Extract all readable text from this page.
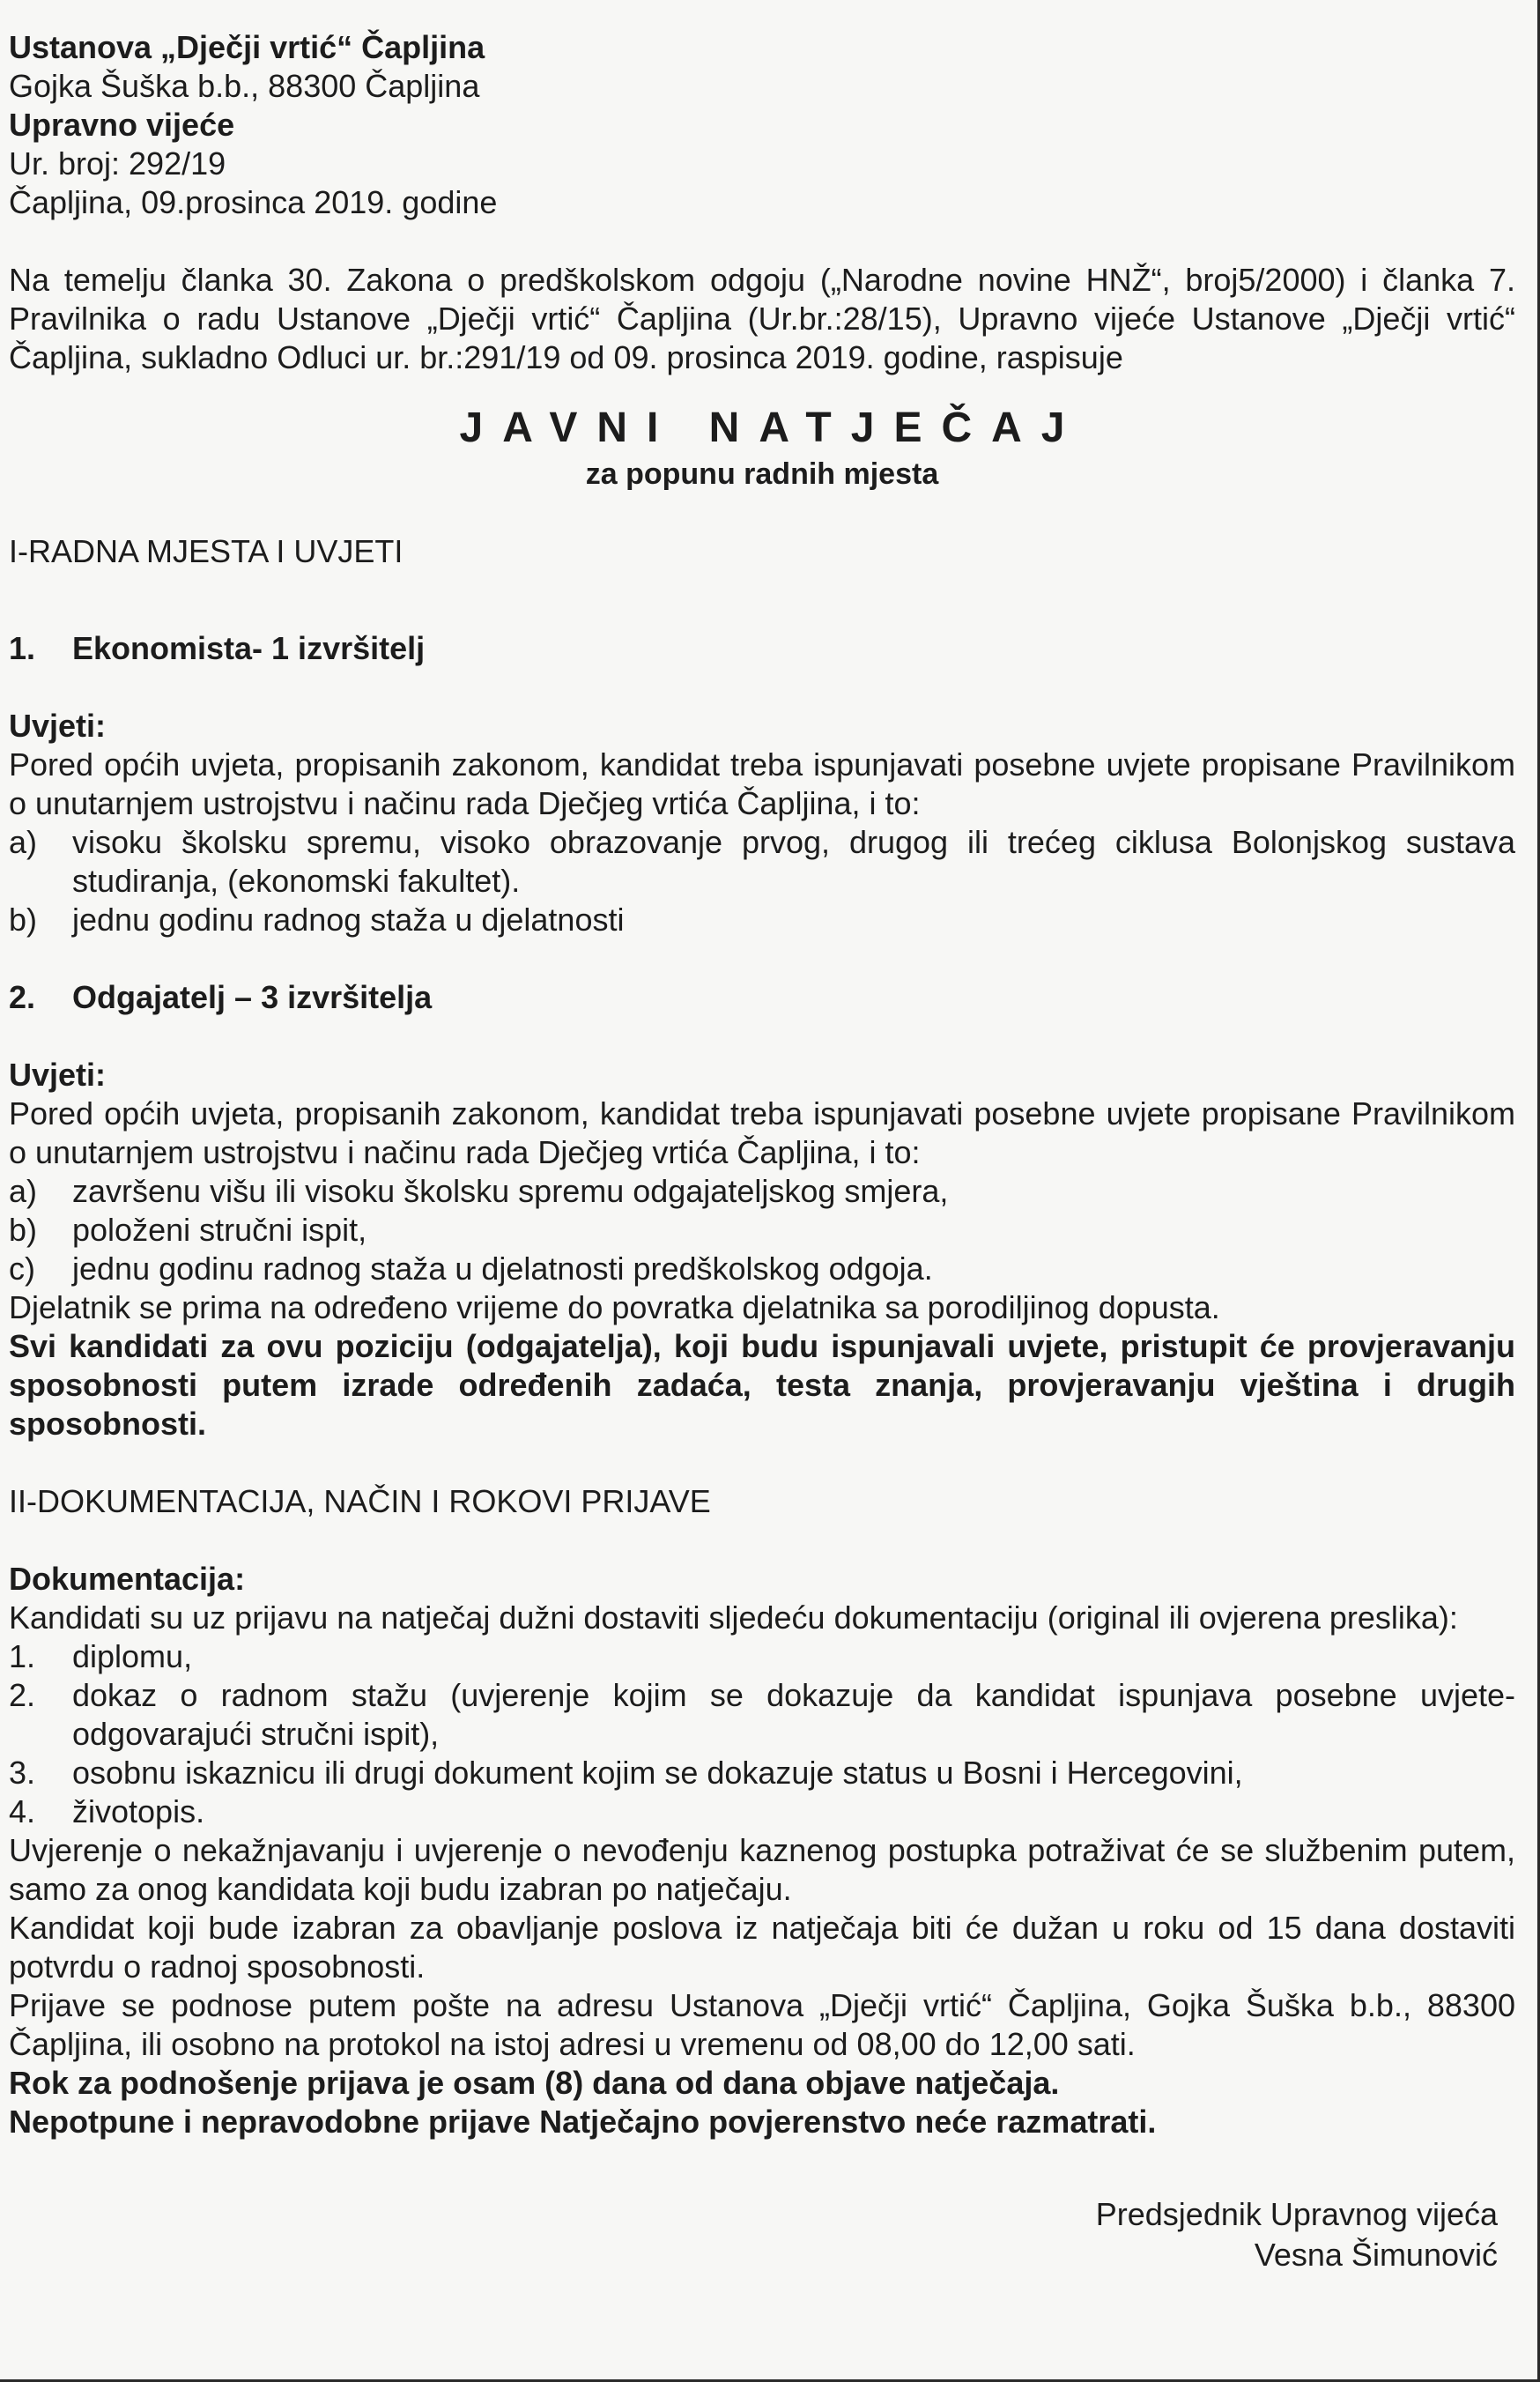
Ustanova „Dječji vrtić“ Čapljina
Gojka Šuška b.b., 88300 Čapljina
Upravno vijeće
Ur. broj: 292/19
Čapljina, 09.prosinca 2019. godine

Na temelju članka 30. Zakona o predškolskom odgoju („Narodne novine HNŽ“, broj5/2000) i članka 7. Pravilnika o radu Ustanove „Dječji vrtić“ Čapljina (Ur.br.:28/15), Upravno vijeće Ustanove „Dječji vrtić“ Čapljina, sukladno Odluci ur. br.:291/19 od 09. prosinca 2019. godine, raspisuje

JAVNI NATJEČAJ
za popunu radnih mjesta
I-RADNA MJESTA I UVJETI
1.	Ekonomista- 1 izvršitelj
Uvjeti:

Pored općih uvjeta, propisanih zakonom, kandidat treba ispunjavati posebne uvjete propisane Pravilnikom o unutarnjem ustrojstvu i načinu rada Dječjeg vrtića Čapljina, i to:

a)	visoku školsku spremu, visoko obrazovanje prvog, drugog ili trećeg ciklusa Bolonjskog sustava studiranja, (ekonomski fakultet).
b)	jednu godinu radnog staža u djelatnosti
2.	Odgajatelj – 3 izvršitelja
Uvjeti:

Pored općih uvjeta, propisanih zakonom, kandidat treba ispunjavati posebne uvjete propisane Pravilnikom o unutarnjem ustrojstvu i načinu rada Dječjeg vrtića Čapljina, i to:

a)	završenu višu ili visoku školsku spremu odgajateljskog smjera,
b)	položeni stručni ispit,
c)	jednu godinu radnog staža u djelatnosti predškolskog odgoja.

Djelatnik se prima na određeno vrijeme do povratka djelatnika sa porodiljinog dopusta.

Svi kandidati za ovu poziciju (odgajatelja), koji budu ispunjavali uvjete, pristupit će provjeravanju sposobnosti putem izrade određenih zadaća, testa znanja, provjeravanju vještina i drugih sposobnosti.

II-DOKUMENTACIJA, NAČIN I ROKOVI PRIJAVE
Dokumentacija:

Kandidati su uz prijavu na natječaj dužni dostaviti sljedeću dokumentaciju (original ili ovjerena preslika):

1.	diplomu,
2.	dokaz o radnom stažu (uvjerenje kojim se dokazuje da kandidat ispunjava posebne uvjete-odgovarajući stručni ispit),
3.	osobnu iskaznicu ili drugi dokument kojim se dokazuje status u Bosni i Hercegovini,
4.	životopis.

Uvjerenje o nekažnjavanju i uvjerenje o nevođenju kaznenog postupka potraživat će se službenim putem, samo za onog kandidata koji budu izabran po natječaju.

Kandidat koji bude izabran za obavljanje poslova iz natječaja biti će dužan u roku od 15 dana dostaviti potvrdu o radnoj sposobnosti.

Prijave se podnose putem pošte na adresu Ustanova „Dječji vrtić“ Čapljina, Gojka Šuška b.b., 88300 Čapljina, ili osobno na protokol na istoj adresi u vremenu od 08,00 do 12,00 sati.

Rok za podnošenje prijava je osam (8) dana od dana objave natječaja.

Nepotpune i nepravodobne prijave Natječajno povjerenstvo neće razmatrati.

Predsjednik Upravnog vijeća
Vesna Šimunović
